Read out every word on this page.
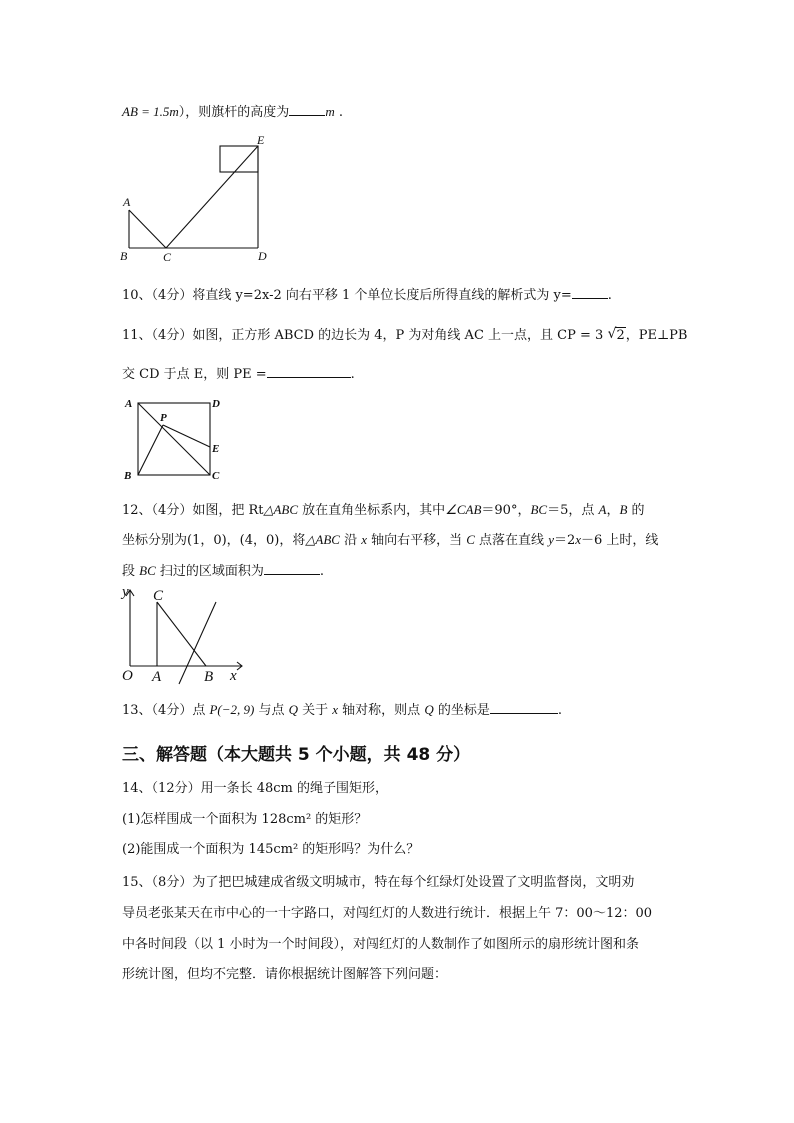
AB = 1.5m），则旗杆的高度为	m .
A
B	C	D
E
10、（4分）将直线 y=2x-2 向右平移 1 个单位长度后所得直线的解析式为 y=	.
11、（4分）如图，正方形 ABCD 的边长为 4，P 为对角线 AC 上一点，且 CP = 3 √ 2，PE⊥PB
交 CD 于点 E，则 PE =	.
A	D
B	C
P
E
12、（4分）如图，把 Rt△ABC 放在直角坐标系内，其中∠CAB＝90°，BC＝5，点 A，B 的
坐标分别为(1，0)，(4，0)，将△ABC 沿 x 轴向右平移，当 C 点落在直线 y＝2x－6 上时，线
段 BC 扫过的区域面积为	.
y C
O A	B x
13、（4分）点 P(−2, 9) 与点 Q 关于 x 轴对称，则点 Q 的坐标是	.
三、解答题（本大题共 5 个小题，共 48 分）
14、（12分）用一条长 48cm 的绳子围矩形，
(1)怎样围成一个面积为 128cm² 的矩形？
(2)能围成一个面积为 145cm² 的矩形吗？为什么？
15、（8分）为了把巴城建成省级文明城市，特在每个红绿灯处设置了文明监督岗，文明劝
导员老张某天在市中心的一十字路口，对闯红灯的人数进行统计．根据上午 7：00～12：00
中各时间段（以 1 小时为一个时间段），对闯红灯的人数制作了如图所示的扇形统计图和条
形统计图，但均不完整．请你根据统计图解答下列问题：
